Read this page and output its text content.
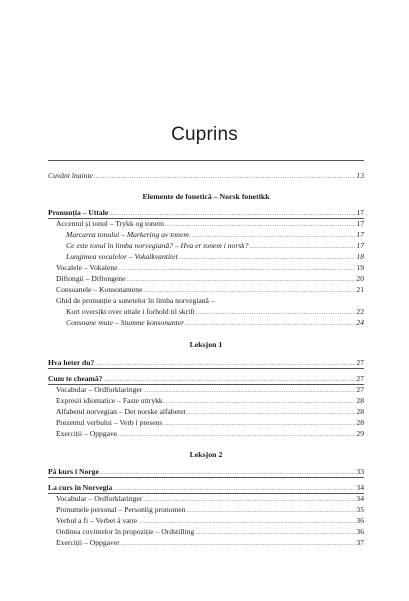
Cuprins
Cuvânt înainte .....	13
Elemente de fonetică – Norsk fonetikk
Pronunția – Uttale .....	17
Accentul și tonul – Trykk og tonem .....	17
Marcarea tonului – Markering av tonem .....	17
Ce este tonul în limba norvegiană? – Hva er tonem i norsk? .....	17
Lungimea vocalelor – Vokalkvantitet .....	18
Vocalele – Vokalene .....	19
Diftongii – Diftongene .....	20
Consoanele – Konsonantene .....	21
Ghid de pronunție a sunetelor în limba norvegiană –
Kort oversikt over uttale i forhold til skrift .....	22
Consoane mute – Stumme konsonanter .....	24
Leksjon 1
Hva heter du? .....	27
Cum te cheamă? .....	27
Vocabular – Ordforklaringer .....	27
Expresii idiomatice – Faste uttrykk .....	28
Alfabetul norvegian – Det norske alfabetet .....	28
Prezentul verbului – Verb i presens .....	28
Exerciții – Oppgave .....	29
Leksjon 2
På kurs i Norge .....	33
La curs în Norvegia .....	34
Vocabular – Ordforklaringer .....	34
Pronumele personal – Personlig pronomen .....	35
Verbul a fi – Verbet å være .....	36
Ordinea cuvintelor în propoziție – Ordstilling .....	36
Exerciții – Oppgaver .....	37
